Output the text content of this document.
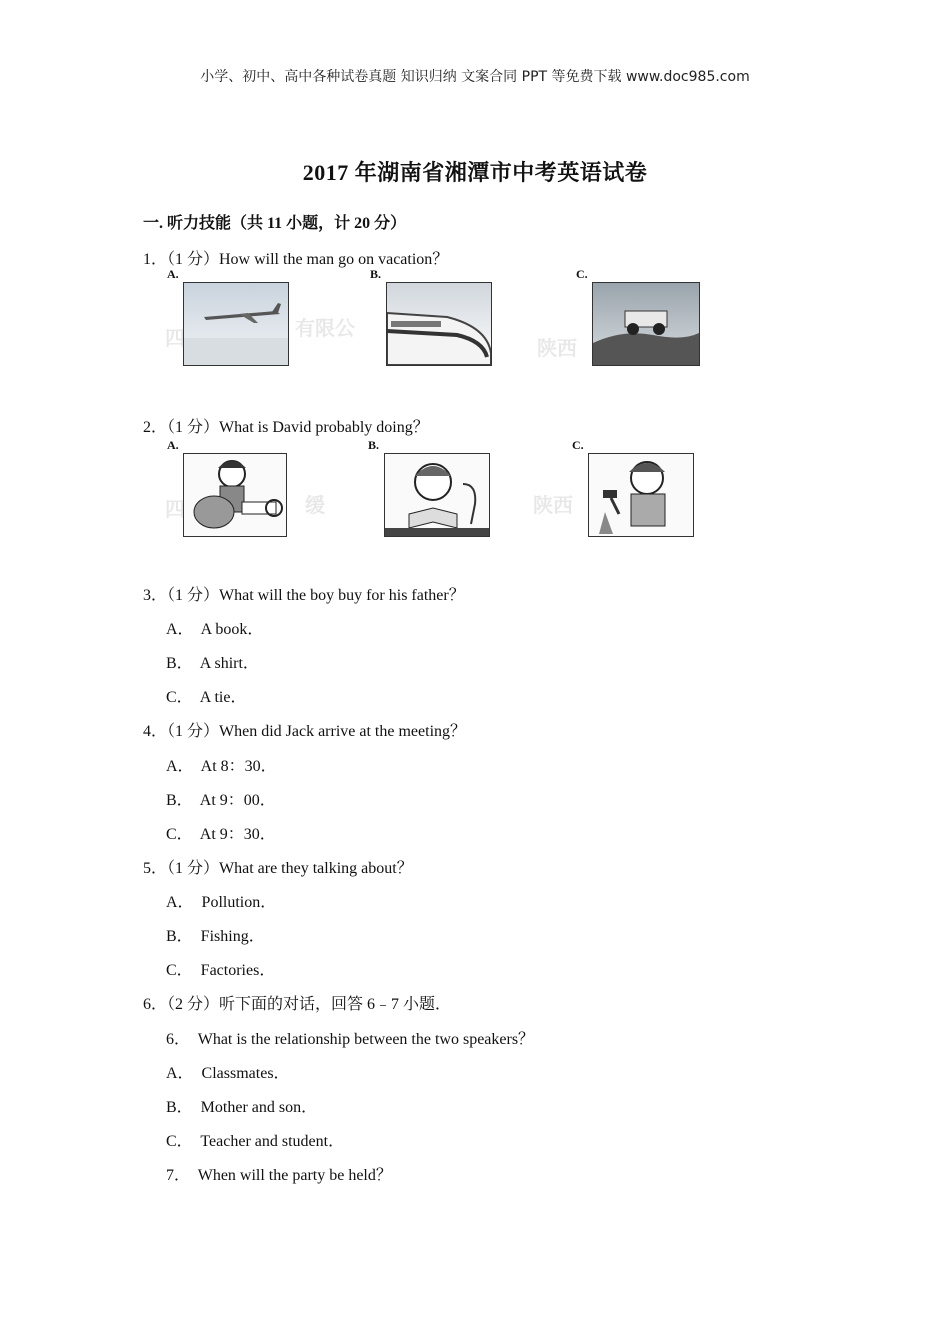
小学、初中、高中各种试卷真题 知识归纳 文案合同 PPT 等免费下载 www.doc985.com
2017 年湖南省湘潭市中考英语试卷
一. 听力技能（共 11 小题，计 20 分）
1．（1 分）How will the man go on vacation？
A.	B.	C.
四	有限公
陕西
2．（1 分）What is David probably doing？
A.	B.	C.
四	缓	陕西
3．（1 分）What will the boy buy for his father？
A．  A book．
B．  A shirt．
C．  A tie．
4．（1 分）When did Jack arrive at the meeting？
A．  At 8：30．
B．  At 9：00．
C．  At 9：30．
5．（1 分）What are they talking about？
A．  Pollution．
B．  Fishing．
C．  Factories．
6．（2 分）听下面的对话，回答 6﹣7 小题．
6．  What is the relationship between the two speakers？
A．  Classmates．
B．  Mother and son．
C．  Teacher and student．
7．  When will the party be held？
